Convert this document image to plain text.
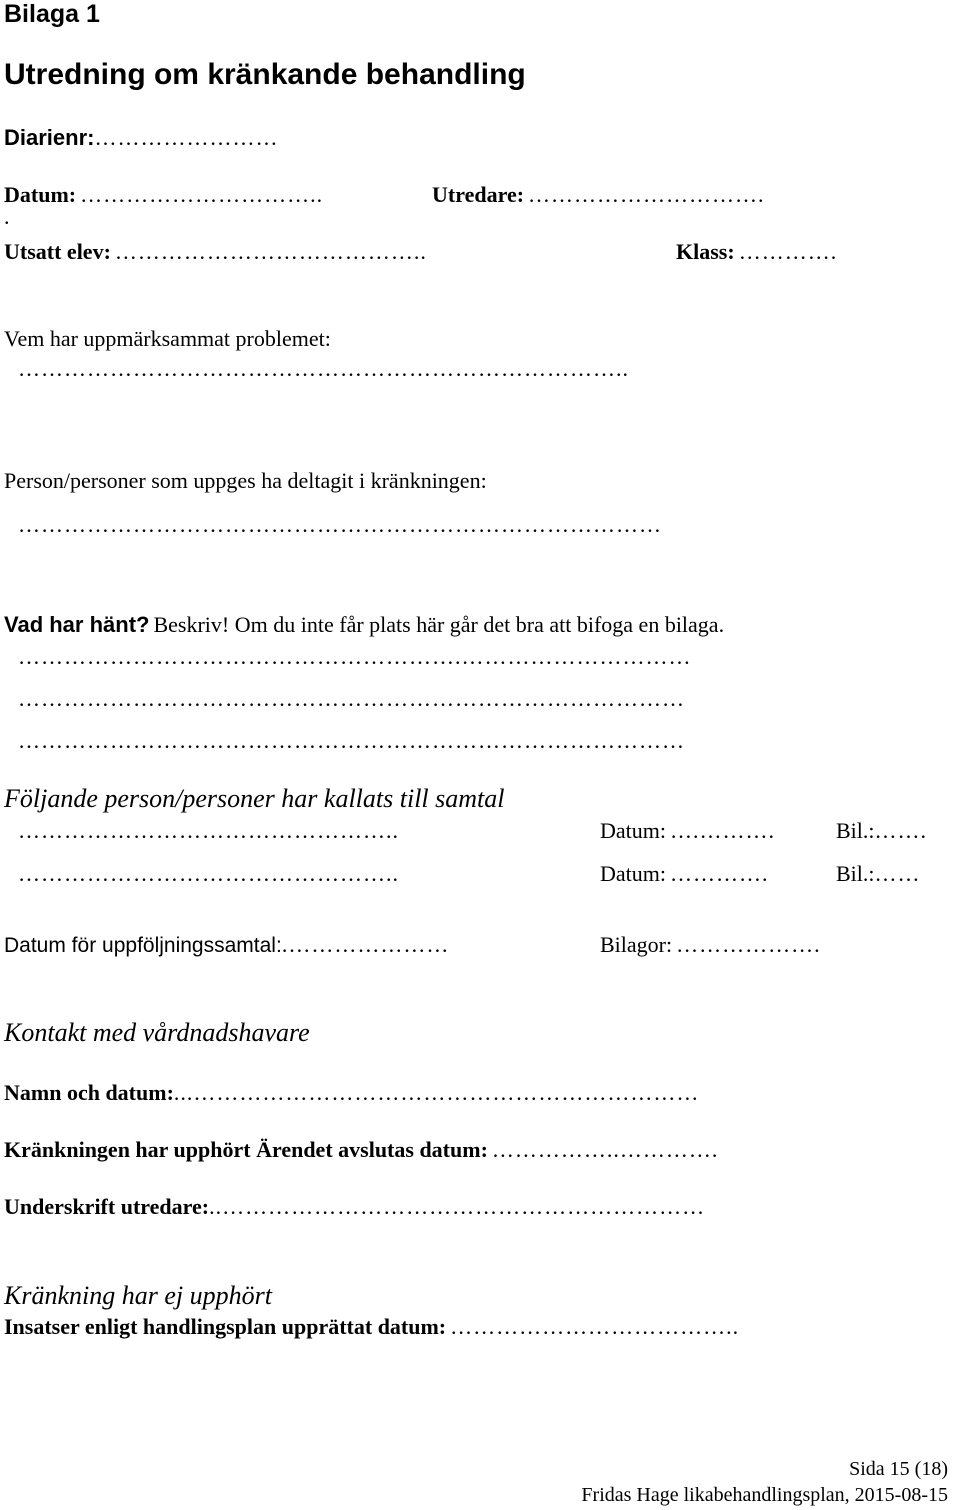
Bilaga 1
Utredning om kränkande behandling
Diarienr:……………………
Datum: …………………………..	Utredare: ………………………….
.
Utsatt elev: …………………………………..	Klass: ………….
Vem har uppmärksammat problemet:
……………………………………………………………………..
Person/personer som uppges ha deltagit i kränkningen:
…………………………………………………………………………
Vad har hänt? Beskriv! Om du inte får plats här går det bra att bifoga en bilaga.
………………………………………………….…………………………
……………………………………………………………………………
……………………………………………………………………………
Följande person/personer har kallats till samtal
…………………………………………..	Datum: ….……….	Bil.:…….
…………………………………………..	Datum: ………….	Bil.:……
Datum för uppföljningssamtal:.…………………	Bilagor: ……………….
Kontakt med vårdnadshavare
Namn och datum:...…………………………………………………………
Kränkningen har upphört Ärendet avslutas datum: ……………..………….
Underskrift utredare:..………………………………………………………
Kränkning har ej upphört
Insatser enligt handlingsplan upprättat datum: ………………………………..
Sida 15 (18)
Fridas Hage likabehandlingsplan, 2015-08-15
